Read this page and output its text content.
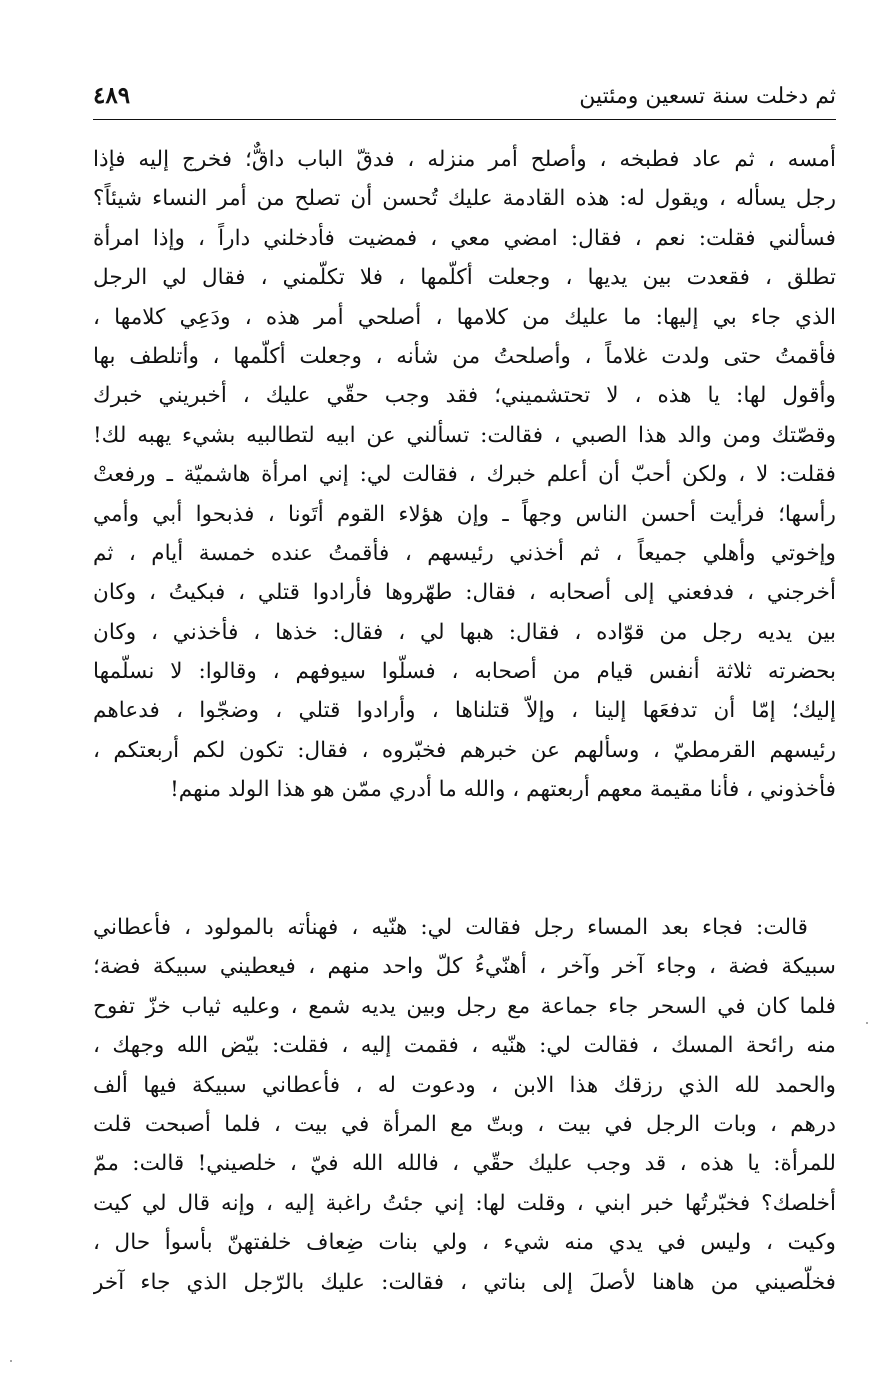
ثم دخلت سنة تسعين ومئتين
٤٨٩
أمسه ، ثم عاد فطبخه ، وأصلح أمر منزله ، فدقّ الباب داقٌّ؛ فخرج إليه فإذا
رجل يسأله ، ويقول له: هذه القادمة عليك تُحسن أن تصلح من أمر النساء شيئاً؟
فسألني فقلت: نعم ، فقال: امضي معي ، فمضيت فأدخلني داراً ، وإذا امرأة
تطلق ، فقعدت بين يديها ، وجعلت أكلّمها ، فلا تكلّمني ، فقال لي الرجل
الذي جاء بي إليها: ما عليك من كلامها ، أصلحي أمر هذه ، ودَعِي كلامها ،
فأقمتُ حتى ولدت غلاماً ، وأصلحتُ من شأنه ، وجعلت أكلّمها ، وأتلطف بها
وأقول لها: يا هذه ، لا تحتشميني؛ فقد وجب حقّي عليك ، أخبريني خبرك
وقصّتك ومن والد هذا الصبي ، فقالت: تسألني عن ابيه لتطالبيه بشيء يهبه لك!
فقلت: لا ، ولكن أحبّ أن أعلم خبرك ، فقالت لي: إني امرأة هاشميّة ـ ورفعتْ
رأسها؛ فرأيت أحسن الناس وجهاً ـ وإن هؤلاء القوم أتَونا ، فذبحوا أبي وأمي
وإخوتي وأهلي جميعاً ، ثم أخذني رئيسهم ، فأقمتُ عنده خمسة أيام ، ثم
أخرجني ، فدفعني إلى أصحابه ، فقال: طهّروها فأرادوا قتلي ، فبكيتُ ، وكان
بين يديه رجل من قوّاده ، فقال: هبها لي ، فقال: خذها ، فأخذني ، وكان
بحضرته ثلاثة أنفس قيام من أصحابه ، فسلّوا سيوفهم ، وقالوا: لا نسلّمها
إليك؛ إمّا أن تدفعَها إلينا ، وإلاّ قتلناها ، وأرادوا قتلي ، وضجّوا ، فدعاهم
رئيسهم القرمطيّ ، وسألهم عن خبرهم فخبّروه ، فقال: تكون لكم أربعتكم ،
فأخذوني ، فأنا مقيمة معهم أربعتهم ، والله ما أدري ممّن هو هذا الولد منهم!
قالت: فجاء بعد المساء رجل فقالت لي: هنّيه ، فهنأته بالمولود ، فأعطاني
سبيكة فضة ، وجاء آخر وآخر ، أهنّيءُ كلّ واحد منهم ، فيعطيني سبيكة فضة؛
فلما كان في السحر جاء جماعة مع رجل وبين يديه شمع ، وعليه ثياب خزّ تفوح
منه رائحة المسك ، فقالت لي: هنّيه ، فقمت إليه ، فقلت: بيّض الله وجهك ،
والحمد لله الذي رزقك هذا الابن ، ودعوت له ، فأعطاني سبيكة فيها ألف
درهم ، وبات الرجل في بيت ، وبتّ مع المرأة في بيت ، فلما أصبحت قلت
للمرأة: يا هذه ، قد وجب عليك حقّي ، فالله الله فيّ ، خلصيني! قالت: ممّ
أخلصك؟ فخبّرتُها خبر ابني ، وقلت لها: إني جئتُ راغبة إليه ، وإنه قال لي كيت
وكيت ، وليس في يدي منه شيء ، ولي بنات ضِعاف خلفتهنّ بأسوأ حال ،
فخلّصيني من هاهنا لأصلَ إلى بناتي ، فقالت: عليك بالرّجل الذي جاء آخر
